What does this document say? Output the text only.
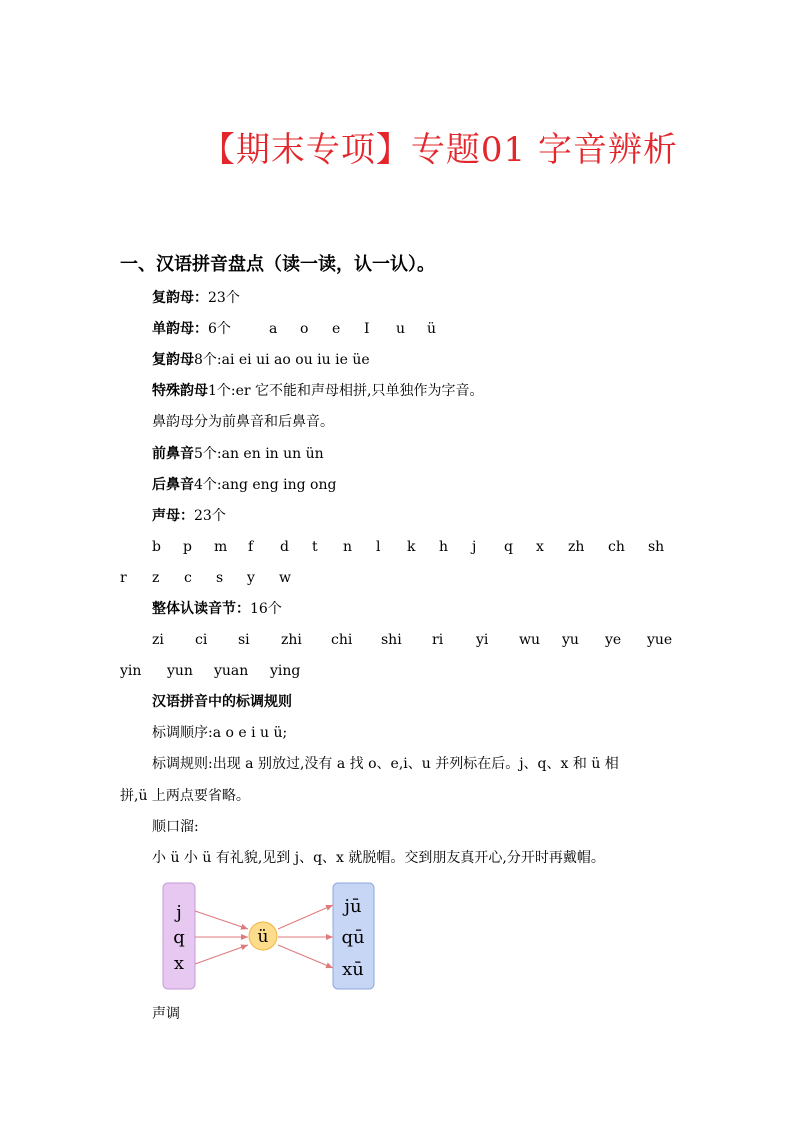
【期末专项】专题01 字音辨析
一、汉语拼音盘点（读一读，认一认）。
复韵母：23个
单韵母：6个	a o e I u ü
复韵母8个:ai ei ui ao ou iu ie üe
特殊韵母1个:er 它不能和声母相拼,只单独作为字音。
鼻韵母分为前鼻音和后鼻音。
前鼻音5个:an en in un ün
后鼻音4个:ang eng ing ong
声母：23个
b p m f d t n l k h j q x zh ch sh
r z c s y w
整体认读音节：16个
zi ci si zhi chi shi ri yi wu yu ye yue
yin yun yuan ying
汉语拼音中的标调规则
标调顺序:a o e i u ü;
标调规则:出现 a 别放过,没有 a 找 o、e,i、u 并列标在后。j、q、x 和 ü 相
拼,ü 上两点要省略。
顺口溜:
小 ü 小 ü 有礼貌,见到 j、q、x 就脱帽。交到朋友真开心,分开时再戴帽。
ü
j
q
x
jū
qū
xū
声调
